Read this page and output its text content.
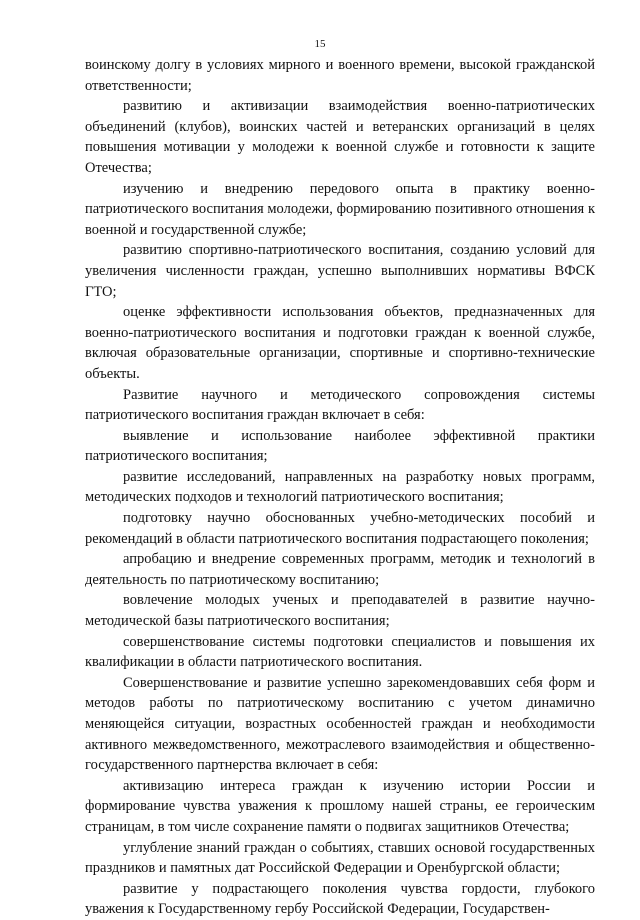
15

воинскому долгу в условиях мирного и военного времени, высокой гражданской ответственности;

развитию и активизации взаимодействия военно-патриотических объединений (клубов), воинских частей и ветеранских организаций в целях повышения мотивации у молодежи к военной службе и готовности к защите Отечества;

изучению и внедрению передового опыта в практику военно-патриотического воспитания молодежи, формированию позитивного отношения к военной и государственной службе;

развитию спортивно-патриотического воспитания, созданию условий для увеличения численности граждан, успешно выполнивших нормативы ВФСК ГТО;

оценке эффективности использования объектов, предназначенных для военно-патриотического воспитания и подготовки граждан к военной службе, включая образовательные организации, спортивные и спортивно-технические объекты.

Развитие научного и методического сопровождения системы патриотического воспитания граждан включает в себя:

выявление и использование наиболее эффективной практики патриотического воспитания;

развитие исследований, направленных на разработку новых программ, методических подходов и технологий патриотического воспитания;

подготовку научно обоснованных учебно-методических пособий и рекомендаций в области патриотического воспитания подрастающего поколения;

апробацию и внедрение современных программ, методик и технологий в деятельность по патриотическому воспитанию;

вовлечение молодых ученых и преподавателей в развитие научно-методической базы патриотического воспитания;

совершенствование системы подготовки специалистов и повышения их квалификации в области патриотического воспитания.

Совершенствование и развитие успешно зарекомендовавших себя форм и методов работы по патриотическому воспитанию с учетом динамично меняющейся ситуации, возрастных особенностей граждан и необходимости активного межведомственного, межотраслевого взаимодействия и общественно-государственного партнерства включает в себя:

активизацию интереса граждан к изучению истории России и формирование чувства уважения к прошлому нашей страны, ее героическим страницам, в том числе сохранение памяти о подвигах защитников Отечества;

углубление знаний граждан о событиях, ставших основой государственных праздников и памятных дат Российской Федерации и Оренбургской области;

развитие у подрастающего поколения чувства гордости, глубокого уважения к Государственному гербу Российской Федерации, Государствен-
